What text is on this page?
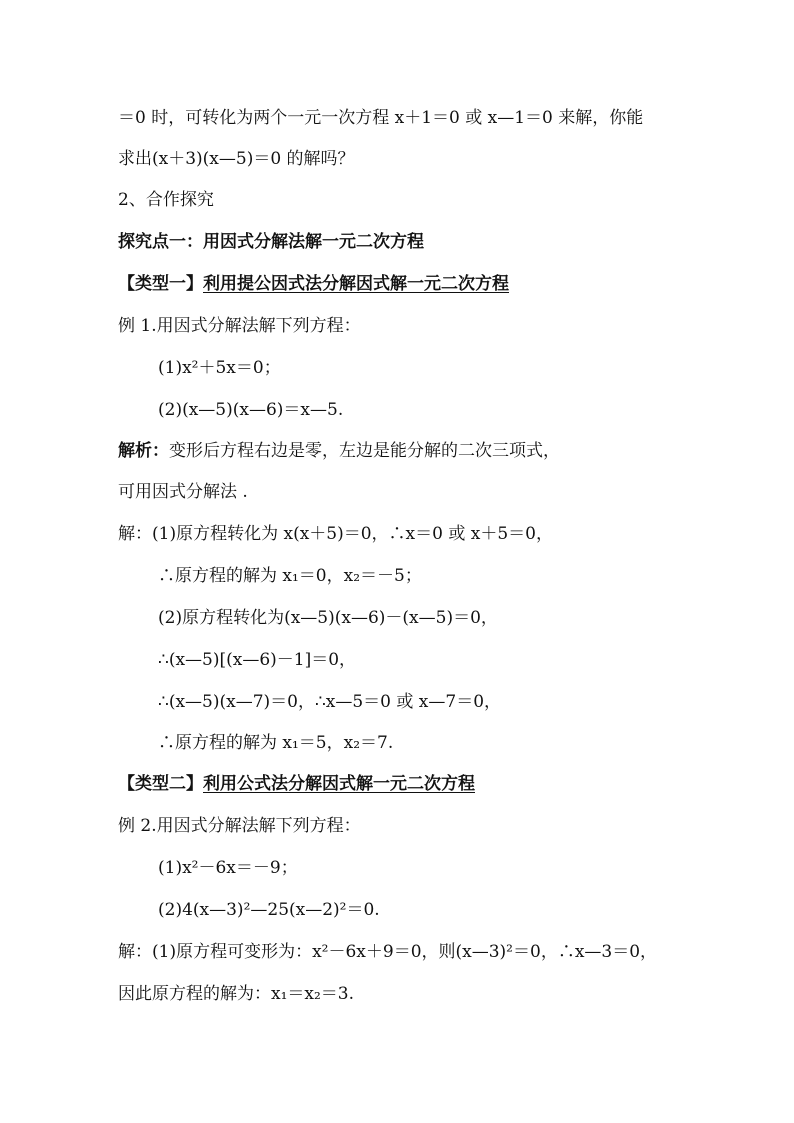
＝0 时，可转化为两个一元一次方程 x＋1＝0 或 x—1＝0 来解，你能
求出(x＋3)(x—5)＝0 的解吗？
2、合作探究
探究点一：用因式分解法解一元二次方程
【类型一】利用提公因式法分解因式解一元二次方程
例 1.用因式分解法解下列方程：
(1)x²＋5x＝0；
(2)(x—5)(x—6)＝x—5.
解析：变形后方程右边是零，左边是能分解的二次三项式，
可用因式分解法 .
解：(1)原方程转化为 x(x＋5)＝0，∴x＝0 或 x＋5＝0，
∴原方程的解为 x₁＝0，x₂＝－5；
(2)原方程转化为(x—5)(x—6)－(x—5)＝0，
∴(x—5)[(x—6)－1]＝0，
∴(x—5)(x—7)＝0，∴x—5＝0 或 x—7＝0，
∴原方程的解为 x₁＝5，x₂＝7.
【类型二】利用公式法分解因式解一元二次方程
例 2.用因式分解法解下列方程：
(1)x²－6x＝－9；
(2)4(x—3)²—25(x—2)²＝0.
解：(1)原方程可变形为：x²－6x＋9＝0，则(x—3)²＝0，∴x—3＝0，
因此原方程的解为：x₁＝x₂＝3.
